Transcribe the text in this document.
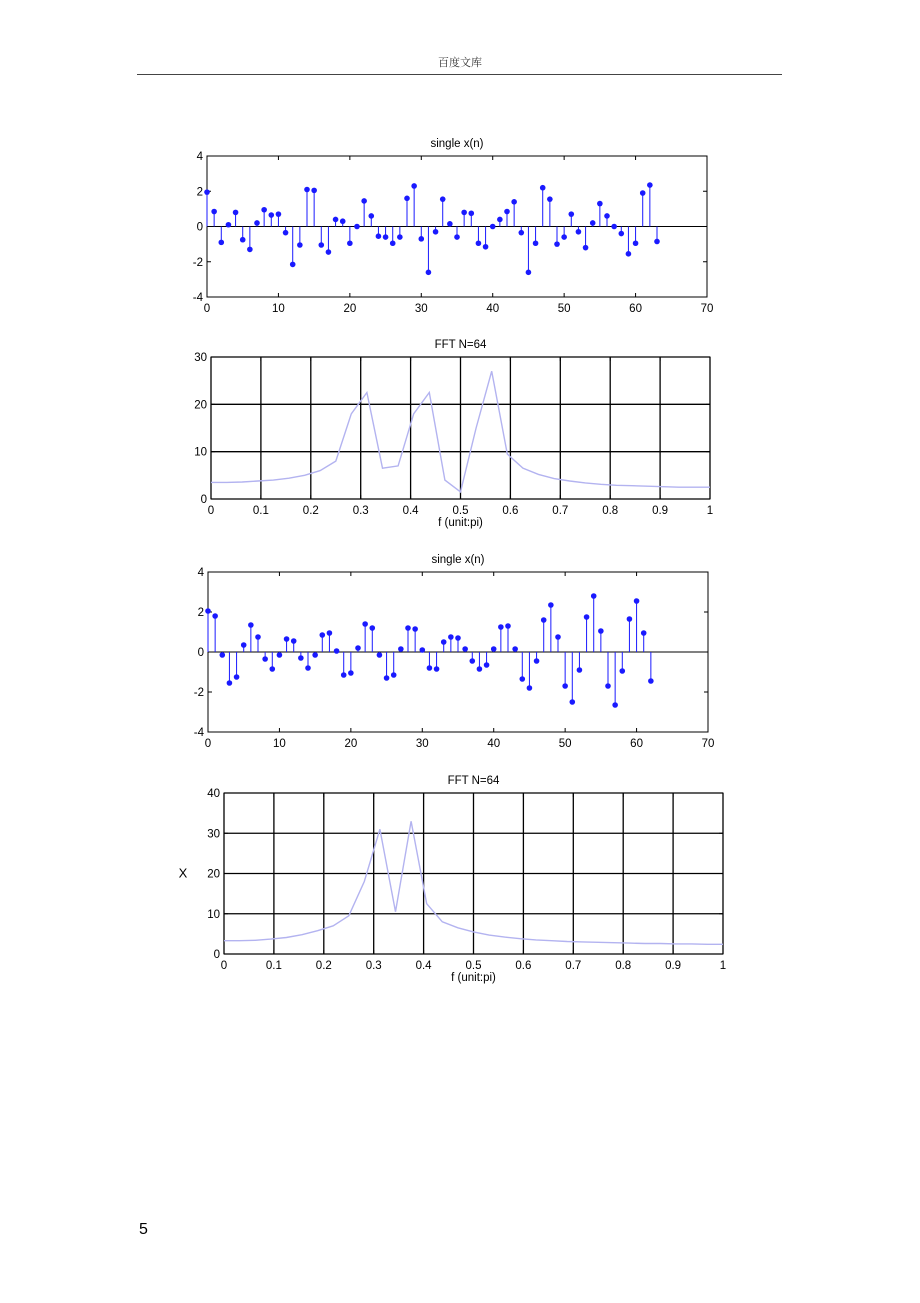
百度文库
0	10	20	30	40	50	60	70
-4
-2
0
2
4
single x(n)
0	0.1	0.2	0.3	0.4	0.5	0.6	0.7	0.8	0.9	1
0
10
20
30
FFT N=64
f (unit:pi)
0	10	20	30	40	50	60	70
-4
-2
0
2
4
single x(n)
0	0.1	0.2	0.3	0.4	0.5	0.6	0.7	0.8	0.9	1
0
10
20
30
40
FFT N=64
f (unit:pi)
X
5
